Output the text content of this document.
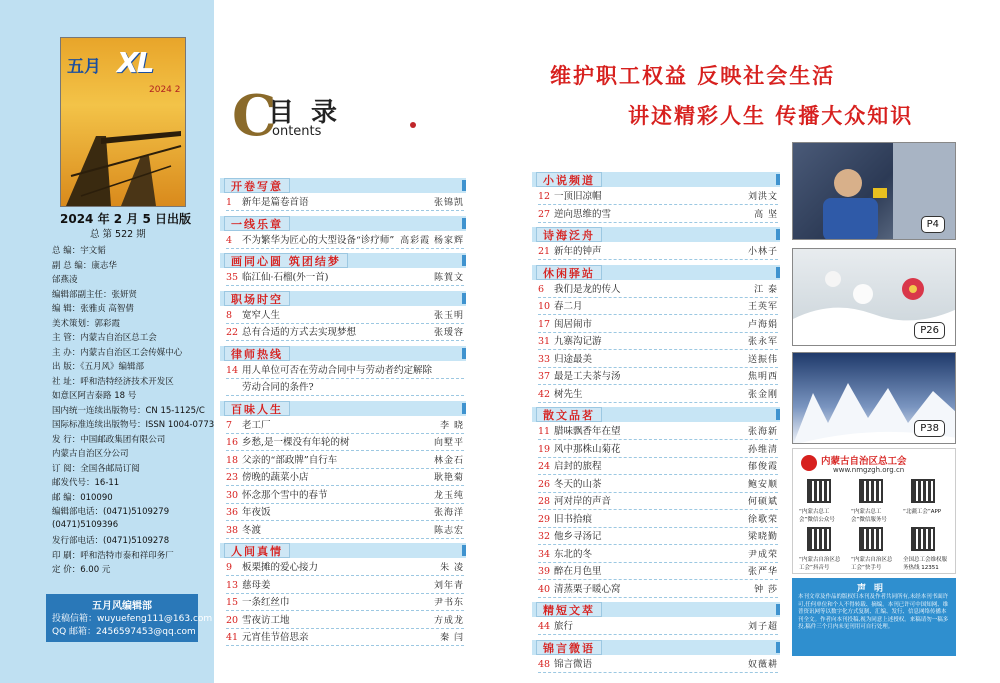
五月 XL
2024 2
2024 年 2 月 5 日出版
总 第 522 期
总 编：宇文韬
副 总 编：康志华
邰燕凌
编辑部副主任：张妍贤
编 辑：张雅贞 高智倩
美术策划：郭彩霞
主 管：内蒙古自治区总工会
主 办：内蒙古自治区工会传媒中心
出 版：《五月风》编辑部
社 址：呼和浩特经济技术开发区
如意区阿吉泰路 18 号
国内统一连续出版物号：CN 15-1125/C
国际标准连续出版物号：ISSN 1004-0773
发 行：中国邮政集团有限公司
内蒙古自治区分公司
订 阅：全国各邮局订阅
邮发代号：16-11
邮 编：010090
编辑部电话：(0471)5109279
(0471)5109396
发行部电话：(0471)5109278
印 刷：呼和浩特市泰和祥印务厂
定 价：6.00 元
五月风编辑部
投稿信箱：wuyuefeng111@163.com
QQ 邮箱：2456597453@qq.com
C
目 录
ontents
维护职工权益 反映社会生活
讲述精彩人生 传播大众知识
开卷写意
1	新年是篇卷首语	张锦凯
一线乐章
4	不为繁华为匠心的大型设备“诊疗师” 高彩霞 杨家辉
画同心圆 筑团结梦
35 临江仙·石榴(外一首)	陈賀文
职场时空
8	宽窄人生	张玉明
22 总有合适的方式去实现梦想	张瑷容
律师热线
14 用人单位可否在劳动合同中与劳动者约定解除
劳动合同的条件?
百味人生
7	老工厂	李 晓
16 乡愁,是一棵没有年轮的树	向墅平
18 父亲的“部政牌”自行车	林金石
23 傍晚的蔬菜小店	耿艳菊
30 怀念那个雪中的春节	龙玉纯
36 年夜饭	张海洋
38 冬渡	陈志宏
人间真情
9	板栗摊的爱心接力	朱 凌
13 慈母姜	刘年青
15 一条红丝巾	尹书东
20 雪夜访工地	方成龙
41 元宵佳节倍思亲	秦 闫
小说频道
12 一顶旧凉帽	刘洪文
27 逆向思维的雪	高 坚
诗海泛舟
21 新年的钟声	小林子
休闲驿站
6	我们是龙的传人	江 泰
10 春二月	王英军
17 闺居闹市	卢海娟
31 九寨沟记游	张永军
33 归途最美	送振伟
37 最是工夫茶与汤	焦明西
42 树先生	张金刚
散文品茗
11 腊味飘香年在望	张海新
19 风中那株山菊花	孙维清
24 启封的旅程	郁俊霞
26 冬天的山茶	鲍安顺
28 河对岸的声音	何硕斌
29 旧书拾痕	徐歌荣
32 他乡寻汤记	梁晓勤
34 东北的冬	尹成荣
39 醉在月色里	张严华
40 清蒸栗子暖心窝	钟 莎
精短文萃
44 旅行	刘子超
锦言微语
48 锦言微语	奴薇耕
P4
P26
P38
内蒙古自治区总工会
www.nmgzgh.org.cn
“内蒙古总工会”微信公众号
“内蒙古总工会”微信服务号
“北疆工会”APP
“内蒙古自治区总工会”抖音号
“内蒙古自治区总工会”快手号
全国总工会维权服务热线 12351
声明
本刊文章及作品的版权归本刊及作者共同所有,未经本刊书面许可,任何单位和个人不得转载、摘编。本刊已许可中国知网、维普资讯网等以数字化方式复制、汇编、发行、信息网络传播本刊全文。作者向本刊投稿,视为同意上述授权。来稿请勿一稿多投,稿件三个月内未见刊用可自行处理。
